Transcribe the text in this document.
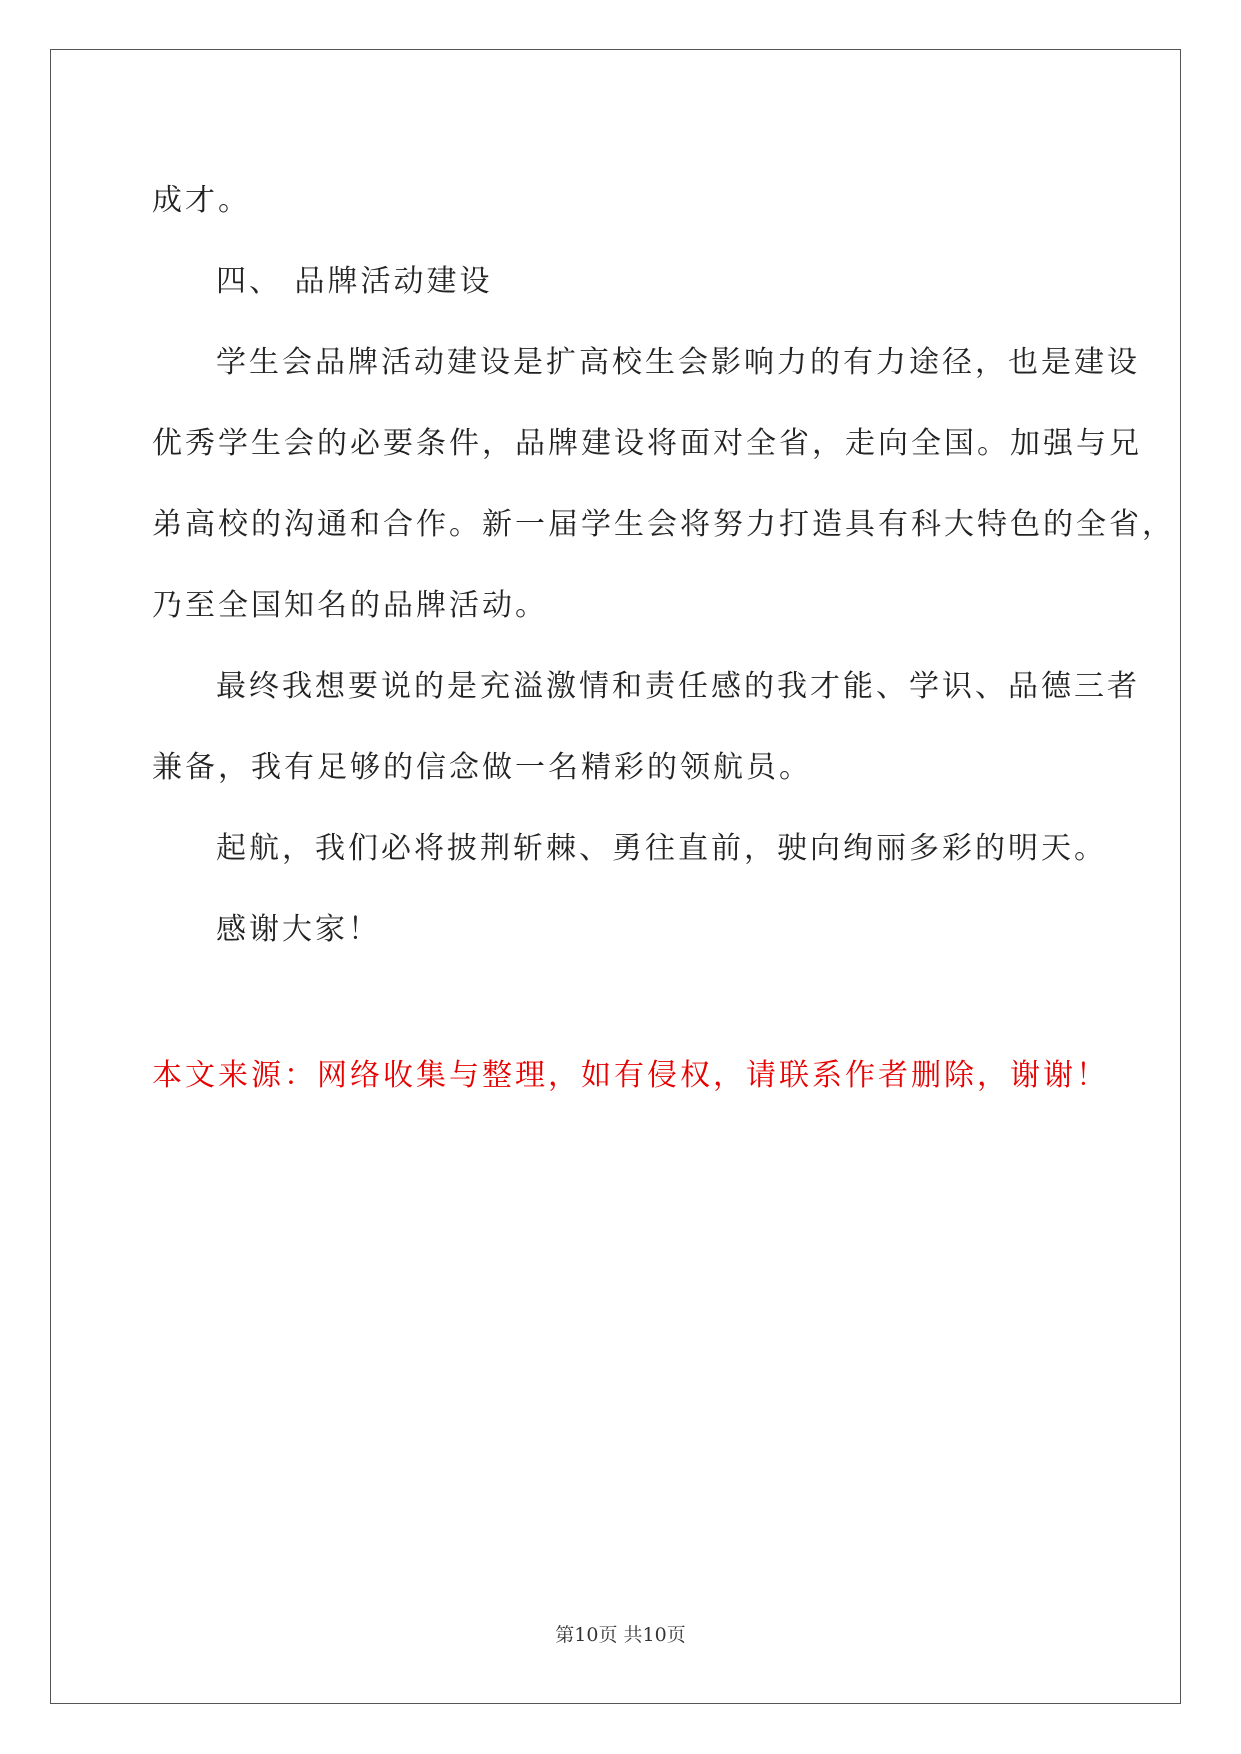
成才。
四、 品牌活动建设
学生会品牌活动建设是扩高校生会影响力的有力途径，也是建设
优秀学生会的必要条件，品牌建设将面对全省，走向全国。加强与兄
弟高校的沟通和合作。新一届学生会将努力打造具有科大特色的全省，
乃至全国知名的品牌活动。
最终我想要说的是充溢激情和责任感的我才能、学识、品德三者
兼备，我有足够的信念做一名精彩的领航员。
起航，我们必将披荆斩棘、勇往直前，驶向绚丽多彩的明天。
感谢大家！
本文来源：网络收集与整理，如有侵权，请联系作者删除，谢谢！
第10页 共10页
